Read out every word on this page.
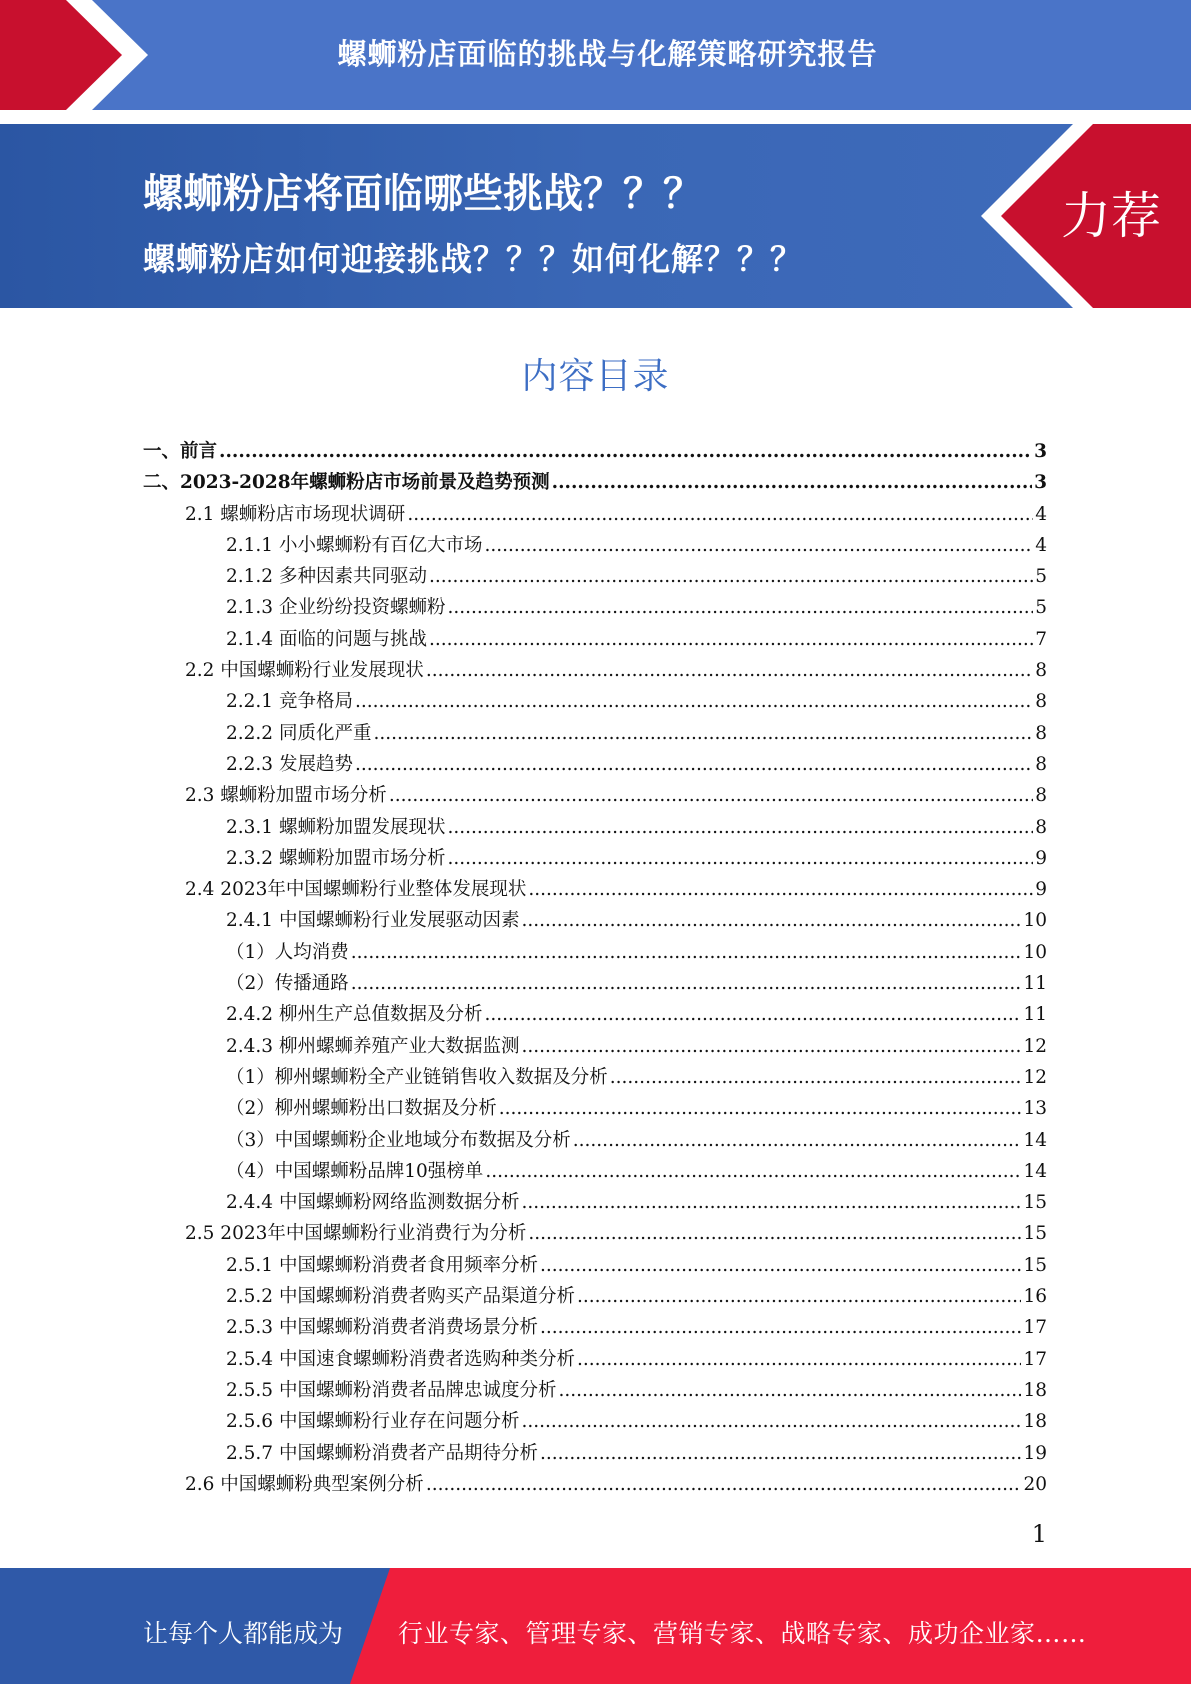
螺蛳粉店面临的挑战与化解策略研究报告
螺蛳粉店将面临哪些挑战？？？
螺蛳粉店如何迎接挑战？？？如何化解？？？
力荐
内容目录
一、前言 .....	3
二、2023-2028年螺蛳粉店市场前景及趋势预测 .....	3
2.1 螺蛳粉店市场现状调研 .....	4
2.1.1 小小螺蛳粉有百亿大市场 .....	4
2.1.2 多种因素共同驱动 .....	5
2.1.3 企业纷纷投资螺蛳粉 .....	5
2.1.4 面临的问题与挑战 .....	7
2.2 中国螺蛳粉行业发展现状 .....	8
2.2.1 竞争格局 .....	8
2.2.2 同质化严重 .....	8
2.2.3 发展趋势 .....	8
2.3 螺蛳粉加盟市场分析 .....	8
2.3.1 螺蛳粉加盟发展现状 .....	8
2.3.2 螺蛳粉加盟市场分析 .....	9
2.4 2023年中国螺蛳粉行业整体发展现状 .....	9
2.4.1 中国螺蛳粉行业发展驱动因素 .....	10
（1）人均消费 .....	10
（2）传播通路 .....	11
2.4.2 柳州生产总值数据及分析 .....	11
2.4.3 柳州螺蛳养殖产业大数据监测 .....	12
（1）柳州螺蛳粉全产业链销售收入数据及分析 .....	12
（2）柳州螺蛳粉出口数据及分析 .....	13
（3）中国螺蛳粉企业地域分布数据及分析 .....	14
（4）中国螺蛳粉品牌10强榜单 .....	14
2.4.4 中国螺蛳粉网络监测数据分析 .....	15
2.5 2023年中国螺蛳粉行业消费行为分析 .....	15
2.5.1 中国螺蛳粉消费者食用频率分析 .....	15
2.5.2 中国螺蛳粉消费者购买产品渠道分析 .....	16
2.5.3 中国螺蛳粉消费者消费场景分析 .....	17
2.5.4 中国速食螺蛳粉消费者选购种类分析 .....	17
2.5.5 中国螺蛳粉消费者品牌忠诚度分析 .....	18
2.5.6 中国螺蛳粉行业存在问题分析 .....	18
2.5.7 中国螺蛳粉消费者产品期待分析 .....	19
2.6 中国螺蛳粉典型案例分析 .....	20
1
让每个人都能成为 行业专家、管理专家、营销专家、战略专家、成功企业家……
